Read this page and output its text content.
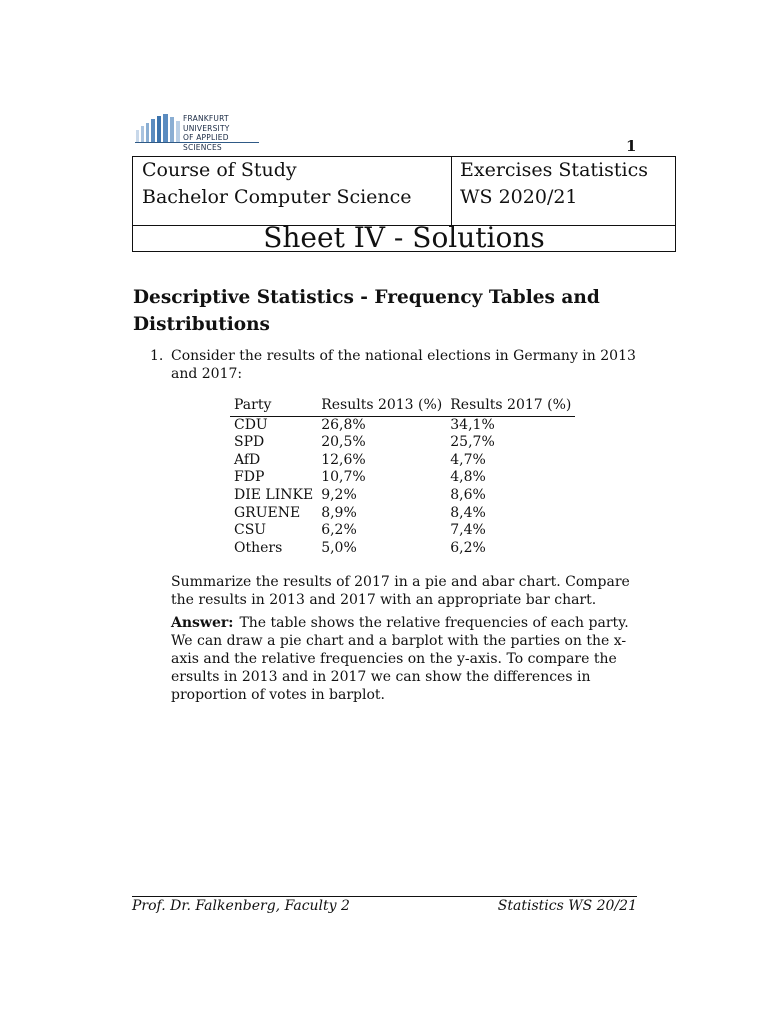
FRANKFURT
UNIVERSITY
OF APPLIED SCIENCES	1
Course of Study
Bachelor Computer Science
Exercises Statistics
WS 2020/21
Sheet IV - Solutions
Descriptive Statistics - Frequency Tables and Distributions
1. Consider the results of the national elections in Germany in 2013 and 2017:
Party	Results 2013 (%)	Results 2017 (%)
CDU	26,8%	34,1%
SPD	20,5%	25,7%
AfD	12,6%	4,7%
FDP	10,7%	4,8%
DIE LINKE	9,2%	8,6%
GRUENE	8,9%	8,4%
CSU	6,2%	7,4%
Others	5,0%	6,2%
Summarize the results of 2017 in a pie and abar chart. Compare the results in 2013 and 2017 with an appropriate bar chart.
Answer: The table shows the relative frequencies of each party. We can draw a pie chart and a barplot with the parties on the x-axis and the relative frequencies on the y-axis. To compare the ersults in 2013 and in 2017 we can show the differences in proportion of votes in barplot.
Prof. Dr. Falkenberg, Faculty 2	Statistics WS 20/21
